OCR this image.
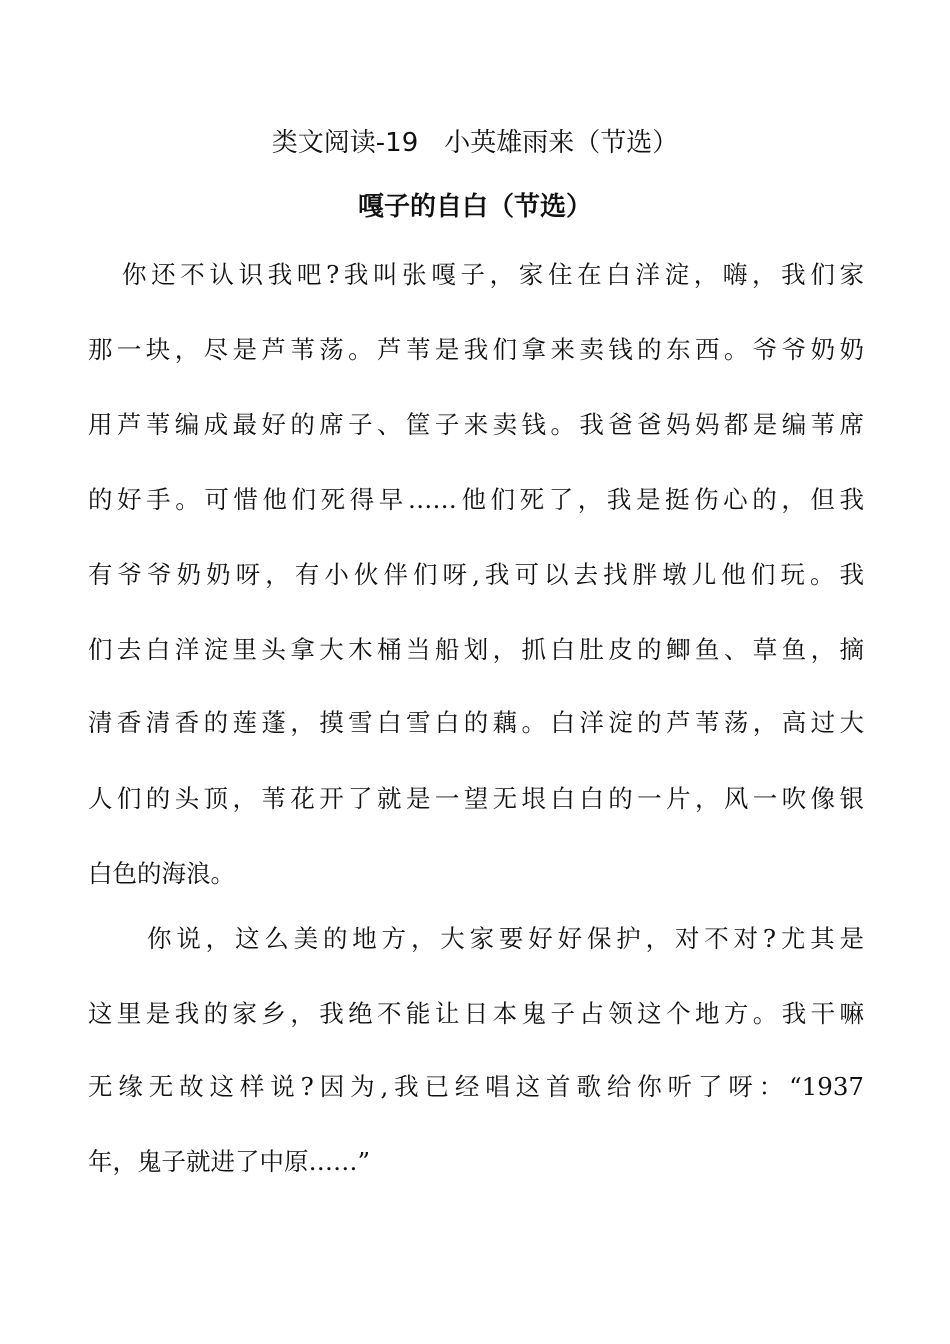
类文阅读-19　小英雄雨来（节选）
嘎子的自白（节选）
你还不认识我吧?我叫张嘎子，家住在白洋淀，嗨，我们家
那一块，尽是芦苇荡。芦苇是我们拿来卖钱的东西。爷爷奶奶
用芦苇编成最好的席子、筐子来卖钱。我爸爸妈妈都是编苇席
的好手。可惜他们死得早……他们死了，我是挺伤心的，但我
有爷爷奶奶呀，有小伙伴们呀,我可以去找胖墩儿他们玩。我
们去白洋淀里头拿大木桶当船划，抓白肚皮的鲫鱼、草鱼，摘
清香清香的莲蓬，摸雪白雪白的藕。白洋淀的芦苇荡，高过大
人们的头顶，苇花开了就是一望无垠白白的一片，风一吹像银
白色的海浪。
你说，这么美的地方，大家要好好保护，对不对?尤其是
这里是我的家乡，我绝不能让日本鬼子占领这个地方。我干嘛
无缘无故这样说?因为,我已经唱这首歌给你听了呀：“1937
年，鬼子就进了中原……”
